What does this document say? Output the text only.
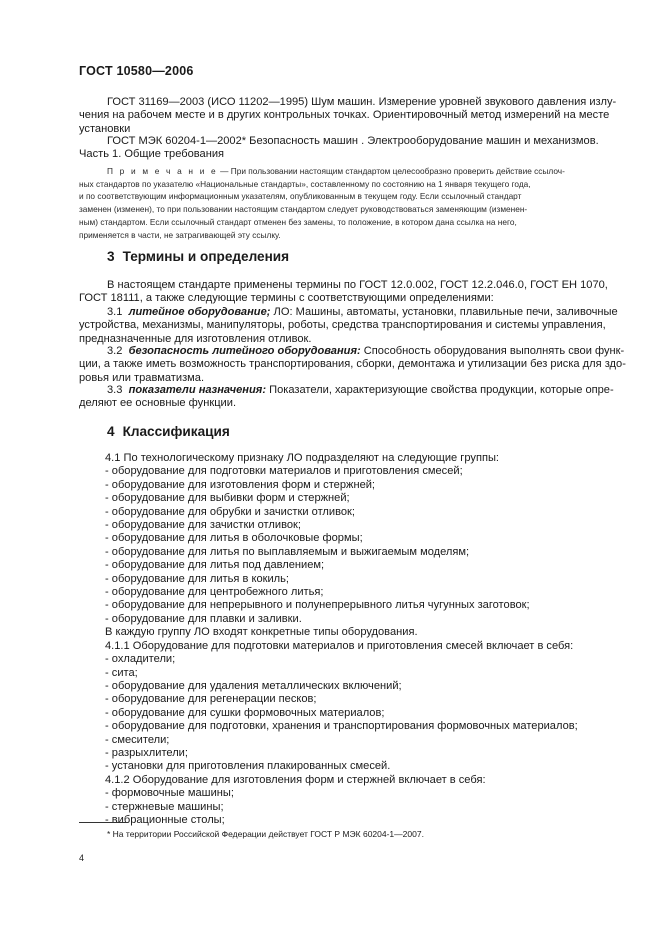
ГОСТ 10580—2006
ГОСТ 31169—2003 (ИСО 11202—1995) Шум машин. Измерение уровней звукового давления излу-
чения на рабочем месте и в других контрольных точках. Ориентировочный метод измерений на месте
установки
ГОСТ МЭК 60204-1—2002* Безопасность машин . Электрооборудование машин и механизмов.
Часть 1. Общие требования
П р и м е ч а н и е — При пользовании настоящим стандартом целесообразно проверить действие ссылоч-
ных стандартов по указателю «Национальные стандарты», составленному по состоянию на 1 января текущего года,
и по соответствующим информационным указателям, опубликованным в текущем году. Если ссылочный стандарт
заменен (изменен), то при пользовании настоящим стандартом следует руководствоваться заменяющим (изменен-
ным) стандартом. Если ссылочный стандарт отменен без замены, то положение, в котором дана ссылка на него,
применяется в части, не затрагивающей эту ссылку.
3 Термины и определения
В настоящем стандарте применены термины по ГОСТ 12.0.002, ГОСТ 12.2.046.0, ГОСТ ЕН 1070,
ГОСТ 18111, а также следующие термины с соответствующими определениями:
3.1 литейное оборудование; ЛО: Машины, автоматы, установки, плавильные печи, заливочные
устройства, механизмы, манипуляторы, роботы, средства транспортирования и системы управления,
предназначенные для изготовления отливок.
3.2 безопасность литейного оборудования: Способность оборудования выполнять свои функ-
ции, а также иметь возможность транспортирования, сборки, демонтажа и утилизации без риска для здо-
ровья или травматизма.
3.3 показатели назначения: Показатели, характеризующие свойства продукции, которые опре-
деляют ее основные функции.
4 Классификация
4.1 По технологическому признаку ЛО подразделяют на следующие группы:
- оборудование для подготовки материалов и приготовления смесей;
- оборудование для изготовления форм и стержней;
- оборудование для выбивки форм и стержней;
- оборудование для обрубки и зачистки отливок;
- оборудование для зачистки отливок;
- оборудование для литья в оболочковые формы;
- оборудование для литья по выплавляемым и выжигаемым моделям;
- оборудование для литья под давлением;
- оборудование для литья в кокиль;
- оборудование для центробежного литья;
- оборудование для непрерывного и полунепрерывного литья чугунных заготовок;
- оборудование для плавки и заливки.
В каждую группу ЛО входят конкретные типы оборудования.
4.1.1 Оборудование для подготовки материалов и приготовления смесей включает в себя:
- охладители;
- сита;
- оборудование для удаления металлических включений;
- оборудование для регенерации песков;
- оборудование для сушки формовочных материалов;
- оборудование для подготовки, хранения и транспортирования формовочных материалов;
- смесители;
- разрыхлители;
- установки для приготовления плакированных смесей.
4.1.2 Оборудование для изготовления форм и стержней включает в себя:
- формовочные машины;
- стержневые машины;
- вибрационные столы;
* На территории Российской Федерации действует ГОСТ Р МЭК 60204-1—2007.
4
